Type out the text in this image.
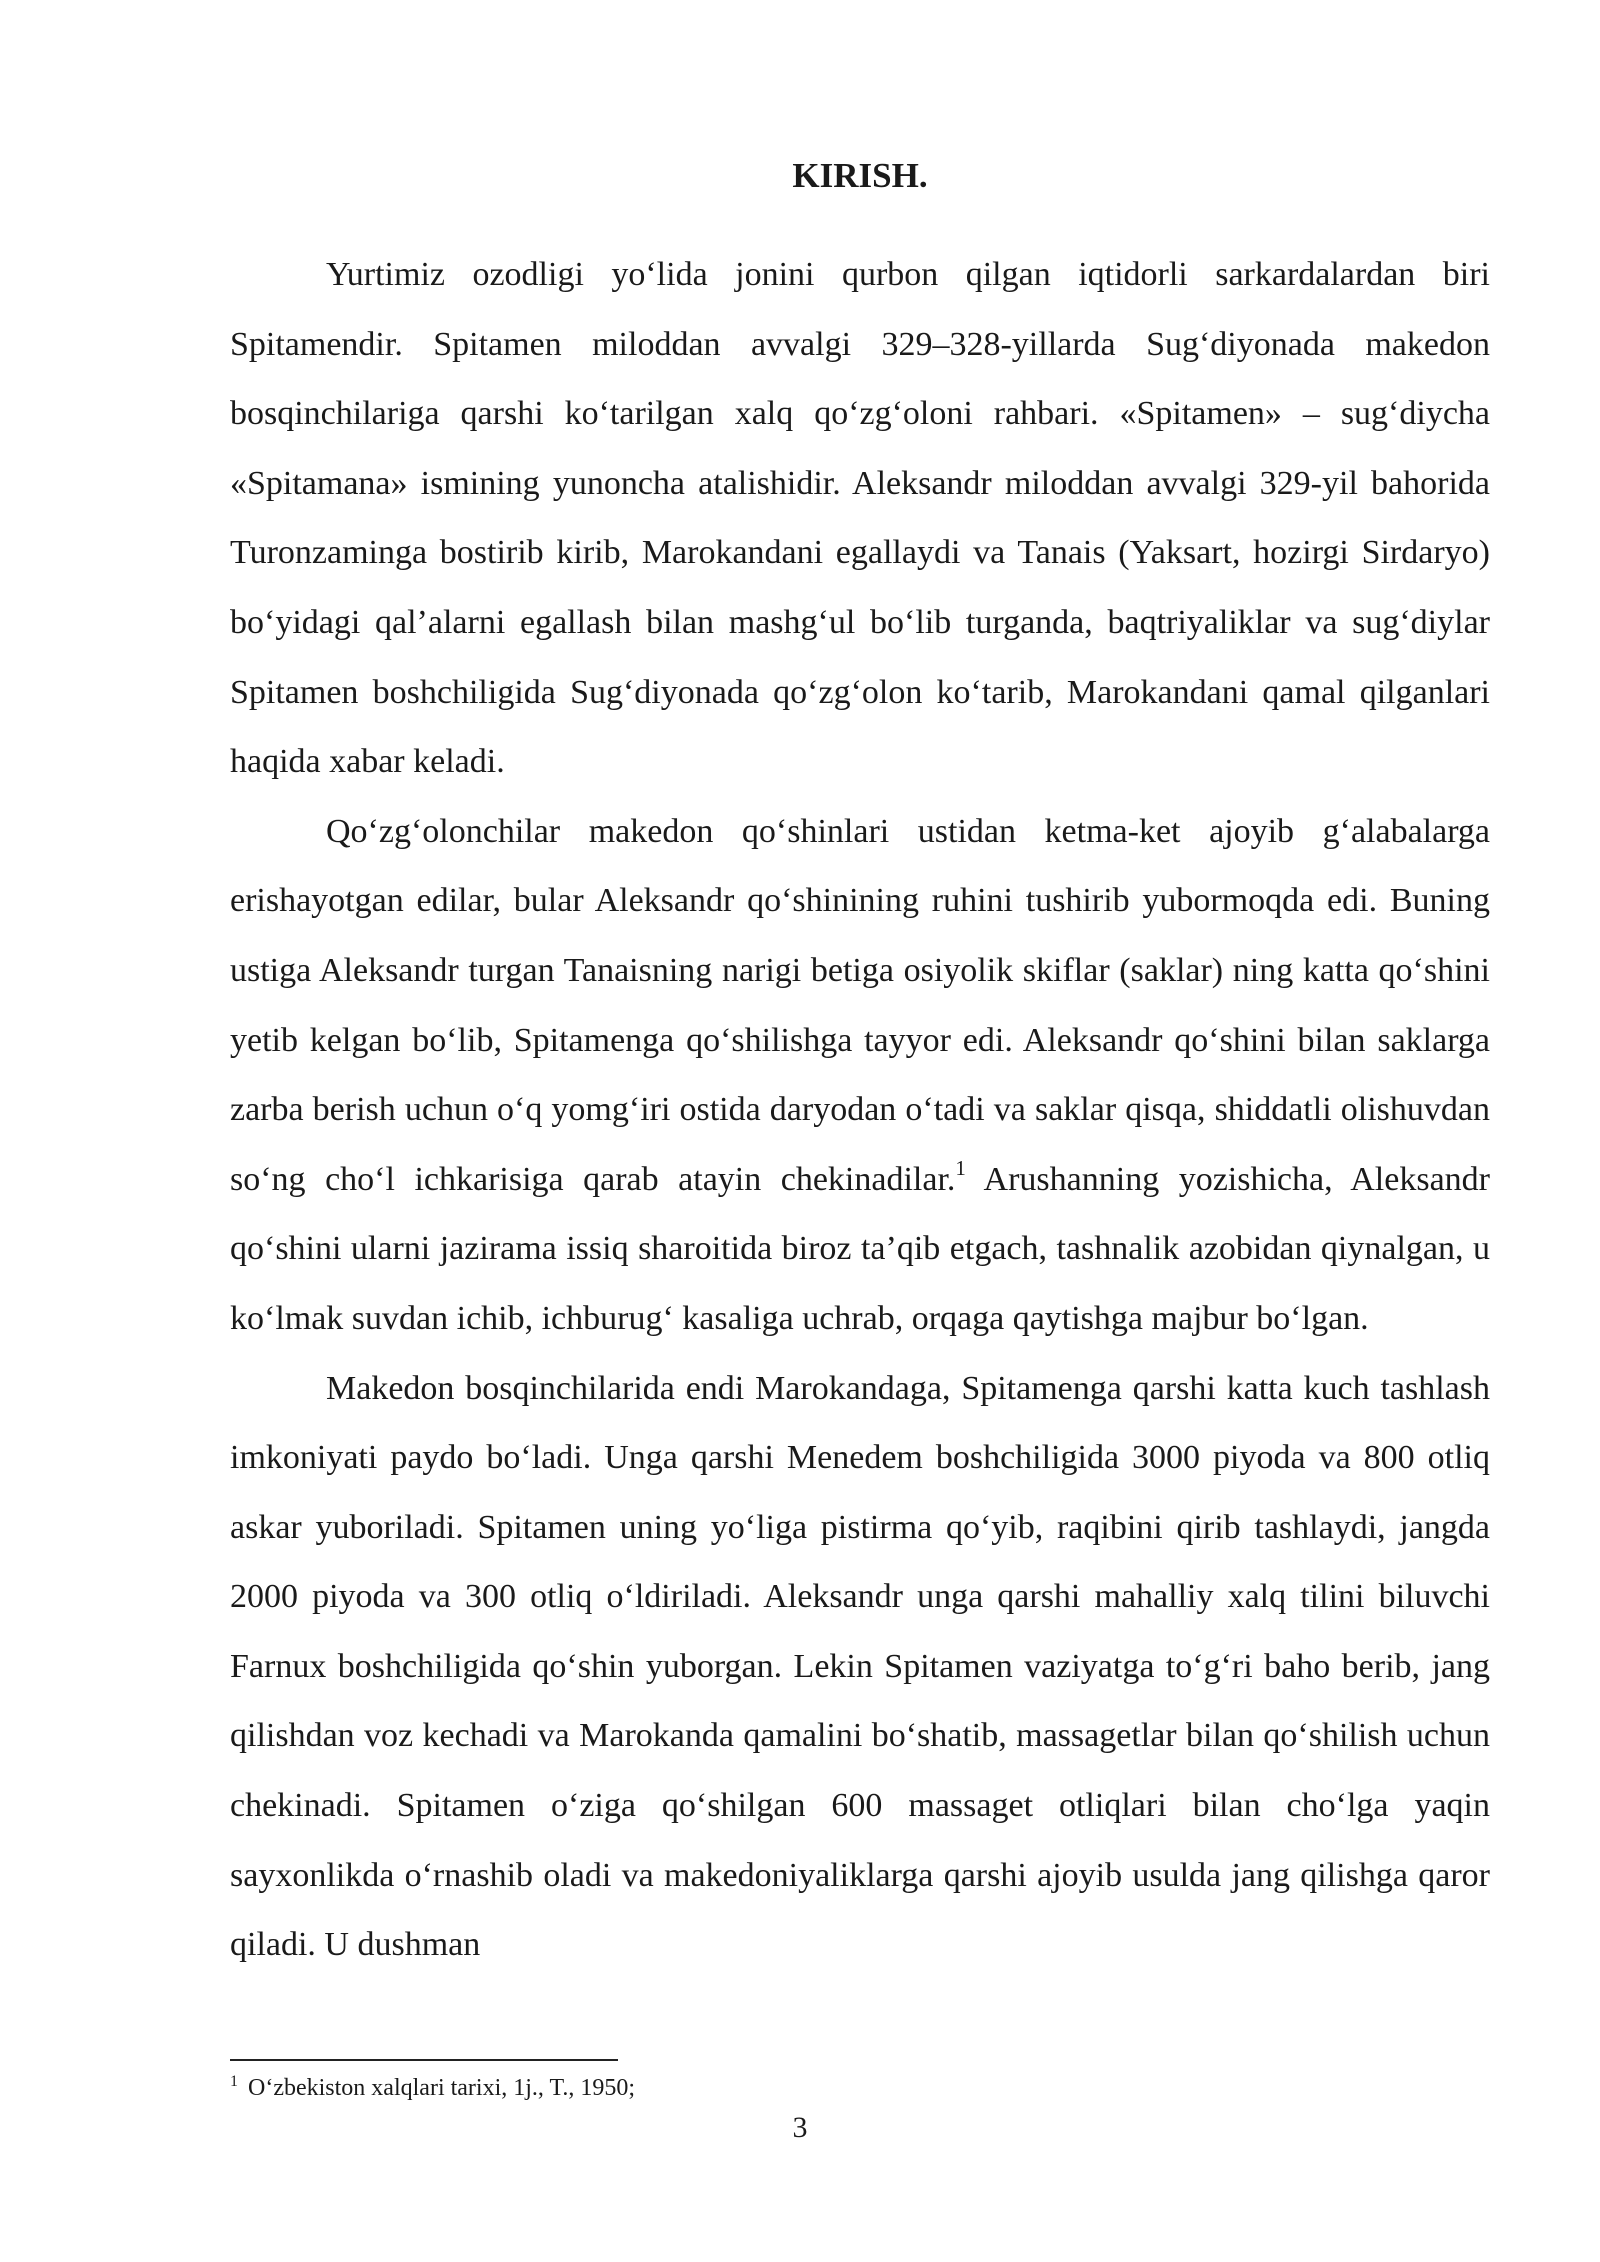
KIRISH.

Yurtimiz ozodligi yo‘lida jonini qurbon qilgan iqtidorli sarkardalardan biri Spitamendir. Spitamen miloddan avvalgi 329–328-yillarda Sug‘diyonada makedon bosqinchilariga qarshi ko‘tarilgan xalq qo‘zg‘oloni rahbari. «Spitamen» – sug‘diycha «Spitamana» ismining yunoncha atalishidir. Aleksandr miloddan avvalgi 329-yil bahorida Turonzaminga bostirib kirib, Marokandani egallaydi va Tanais (Yaksart, hozirgi Sirdaryo) bo‘yidagi qal’alarni egallash bilan mashg‘ul bo‘lib turganda, baqtriyaliklar va sug‘diylar Spitamen boshchiligida Sug‘diyonada qo‘zg‘olon ko‘tarib, Marokandani qamal qilganlari haqida xabar keladi.

Qo‘zg‘olonchilar makedon qo‘shinlari ustidan ketma-ket ajoyib g‘alabalarga erishayotgan edilar, bular Aleksandr qo‘shinining ruhini tushirib yubormoqda edi. Buning ustiga Aleksandr turgan Tanaisning narigi betiga osiyolik skiflar (saklar) ning katta qo‘shini yetib kelgan bo‘lib, Spitamenga qo‘shilishga tayyor edi. Aleksandr qo‘shini bilan saklarga zarba berish uchun o‘q yomg‘iri ostida daryodan o‘tadi va saklar qisqa, shiddatli olishuvdan so‘ng cho‘l ichkarisiga qarab atayin chekinadilar.$^1$ Arushanning yozishicha, Aleksandr qo‘shini ularni jazirama issiq sharoitida biroz ta’qib etgach, tashnalik azobidan qiynalgan, u ko‘lmak suvdan ichib, ichburug‘ kasaliga uchrab, orqaga qaytishga majbur bo‘lgan.

Makedon bosqinchilarida endi Marokandaga, Spitamenga qarshi katta kuch tashlash imkoniyati paydo bo‘ladi. Unga qarshi Menedem boshchiligida 3000 piyoda va 800 otliq askar yuboriladi. Spitamen uning yo‘liga pistirma qo‘yib, raqibini qirib tashlaydi, jangda 2000 piyoda va 300 otliq o‘ldiriladi. Aleksandr unga qarshi mahalliy xalq tilini biluvchi Farnux boshchiligida qo‘shin yuborgan. Lekin Spitamen vaziyatga to‘g‘ri baho berib, jang qilishdan voz kechadi va Marokanda qamalini bo‘shatib, massagetlar bilan qo‘shilish uchun chekinadi. Spitamen o‘ziga qo‘shilgan 600 massaget otliqlari bilan cho‘lga yaqin sayxonlikda o‘rnashib oladi va makedoniyaliklarga qarshi ajoyib usulda jang qilishga qaror qiladi. U dushman

$^1$ O‘zbekiston xalqlari tarixi, 1j., T., 1950;

3
